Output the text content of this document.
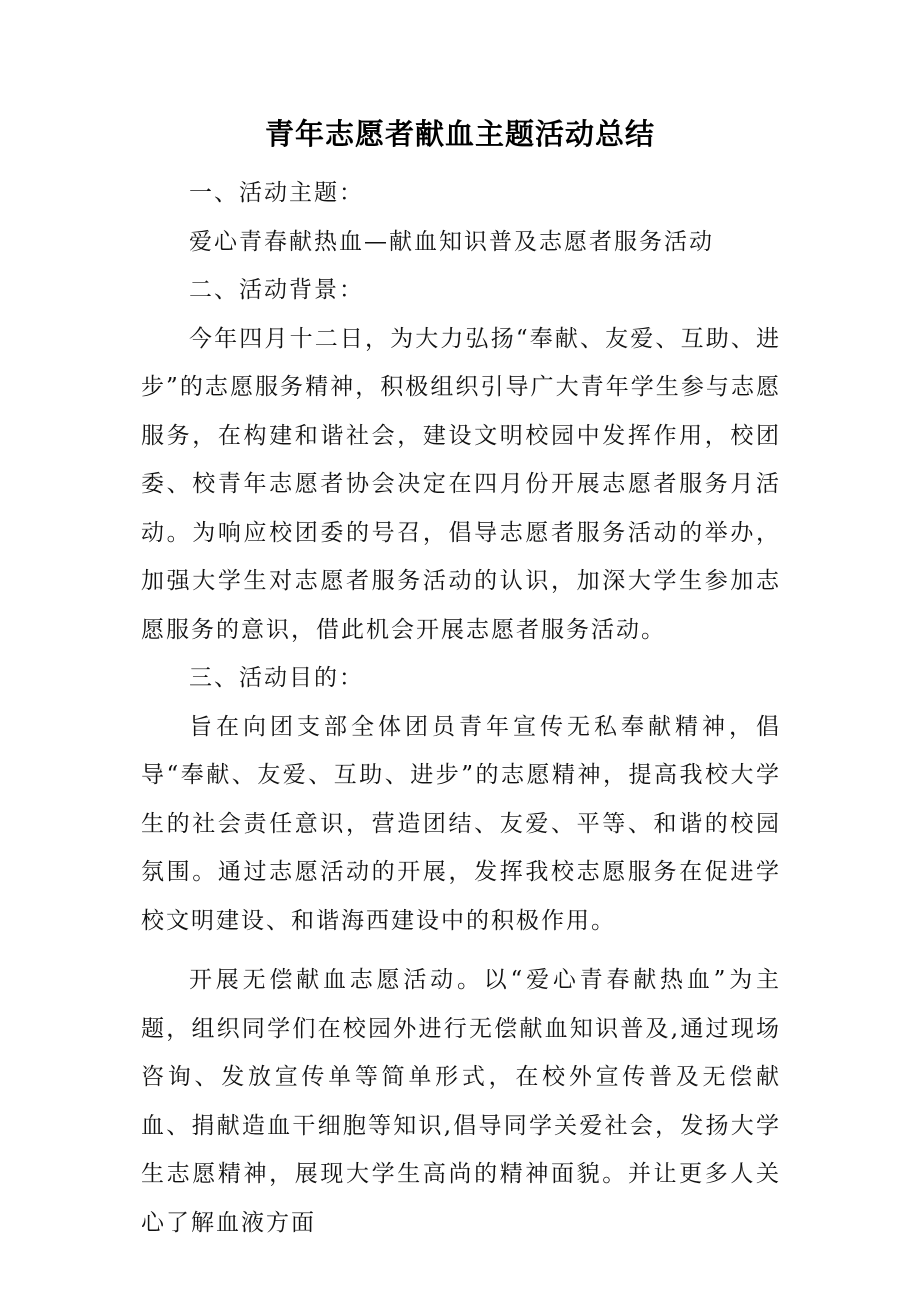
青年志愿者献血主题活动总结

一、活动主题：

爱心青春献热血—献血知识普及志愿者服务活动

二、活动背景：

今年四月十二日，为大力弘扬“奉献、友爱、互助、进步”的志愿服务精神，积极组织引导广大青年学生参与志愿服务，在构建和谐社会，建设文明校园中发挥作用，校团委、校青年志愿者协会决定在四月份开展志愿者服务月活动。为响应校团委的号召，倡导志愿者服务活动的举办，加强大学生对志愿者服务活动的认识，加深大学生参加志愿服务的意识，借此机会开展志愿者服务活动。

三、活动目的：

旨在向团支部全体团员青年宣传无私奉献精神，倡导“奉献、友爱、互助、进步”的志愿精神，提高我校大学生的社会责任意识，营造团结、友爱、平等、和谐的校园氛围。通过志愿活动的开展，发挥我校志愿服务在促进学校文明建设、和谐海西建设中的积极作用。

开展无偿献血志愿活动。以“爱心青春献热血”为主题，组织同学们在校园外进行无偿献血知识普及,通过现场咨询、发放宣传单等简单形式，在校外宣传普及无偿献血、捐献造血干细胞等知识,倡导同学关爱社会，发扬大学生志愿精神，展现大学生高尚的精神面貌。并让更多人关心了解血液方面
